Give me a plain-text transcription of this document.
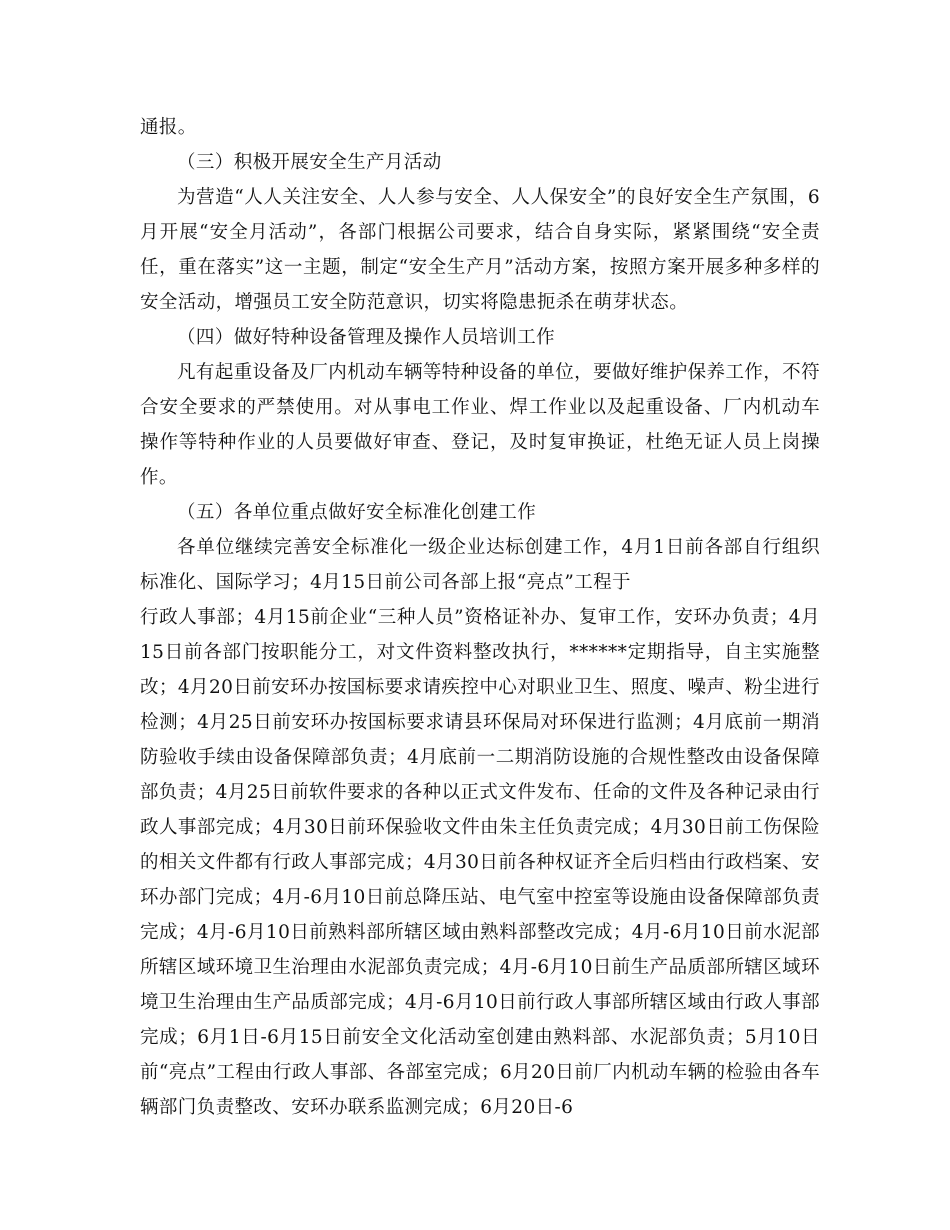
通报。

（三）积极开展安全生产月活动

为营造“人人关注安全、人人参与安全、人人保安全”的良好安全生产氛围，6月开展“安全月活动”，各部门根据公司要求，结合自身实际，紧紧围绕“安全责任，重在落实”这一主题，制定“安全生产月”活动方案，按照方案开展多种多样的安全活动，增强员工安全防范意识，切实将隐患扼杀在萌芽状态。

（四）做好特种设备管理及操作人员培训工作

凡有起重设备及厂内机动车辆等特种设备的单位，要做好维护保养工作，不符合安全要求的严禁使用。对从事电工作业、焊工作业以及起重设备、厂内机动车操作等特种作业的人员要做好审查、登记，及时复审换证，杜绝无证人员上岗操作。

（五）各单位重点做好安全标准化创建工作

各单位继续完善安全标准化一级企业达标创建工作，4月1日前各部自行组织标准化、国际学习；4月15日前公司各部上报“亮点”工程于

行政人事部；4月15前企业“三种人员”资格证补办、复审工作，安环办负责；4月15日前各部门按职能分工，对文件资料整改执行，******定期指导，自主实施整改；4月20日前安环办按国标要求请疾控中心对职业卫生、照度、噪声、粉尘进行检测；4月25日前安环办按国标要求请县环保局对环保进行监测；4月底前一期消防验收手续由设备保障部负责；4月底前一二期消防设施的合规性整改由设备保障部负责；4月25日前软件要求的各种以正式文件发布、任命的文件及各种记录由行政人事部完成；4月30日前环保验收文件由朱主任负责完成；4月30日前工伤保险的相关文件都有行政人事部完成；4月30日前各种权证齐全后归档由行政档案、安环办部门完成；4月-6月10日前总降压站、电气室中控室等设施由设备保障部负责完成；4月-6月10日前熟料部所辖区域由熟料部整改完成；4月-6月10日前水泥部所辖区域环境卫生治理由水泥部负责完成；4月-6月10日前生产品质部所辖区域环境卫生治理由生产品质部完成；4月-6月10日前行政人事部所辖区域由行政人事部完成；6月1日-6月15日前安全文化活动室创建由熟料部、水泥部负责；5月10日前“亮点”工程由行政人事部、各部室完成；6月20日前厂内机动车辆的检验由各车辆部门负责整改、安环办联系监测完成；6月20日-6
